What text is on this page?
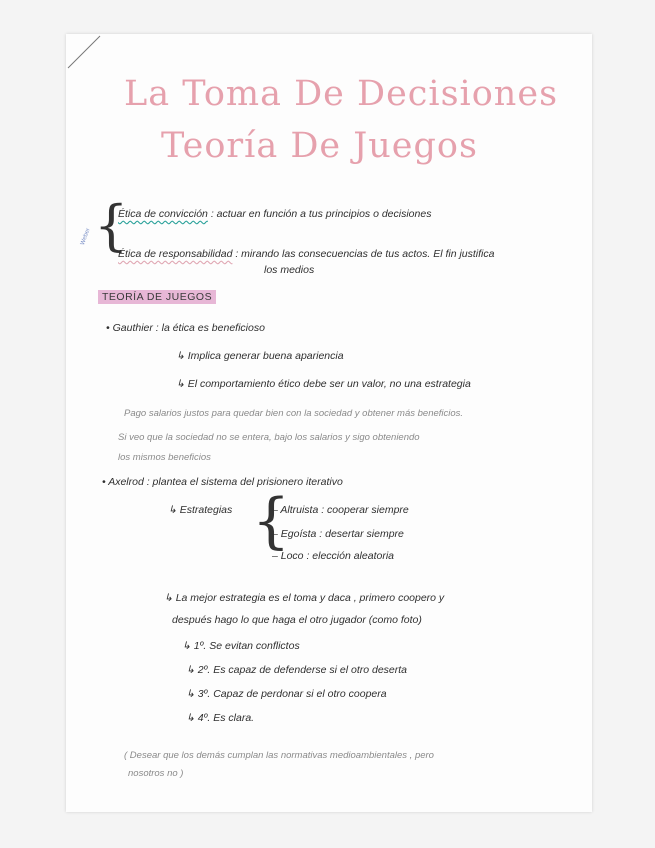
La Toma De Decisiones
Teoría De Juegos
Weber {
Ética de convicción : actuar en función a tus principios o decisiones
Ética de responsabilidad : mirando las consecuencias de tus actos. El fin justifica
los medios
TEORÍA DE JUEGOS
• Gauthier : la ética es beneficioso
↳ Implica generar buena apariencia
↳ El comportamiento ético debe ser un valor, no una estrategia
Pago salarios justos para quedar bien con la sociedad y obtener más beneficios.
Si veo que la sociedad no se entera, bajo los salarios y sigo obteniendo
los mismos beneficios
• Axelrod : plantea el sistema del prisionero iterativo
↳ Estrategias {
– Altruista : cooperar siempre
– Egoísta : desertar siempre
– Loco : elección aleatoria
↳ La mejor estrategia es el toma y daca , primero coopero y
después hago lo que haga el otro jugador (como foto)
↳ 1º. Se evitan conflictos
↳ 2º. Es capaz de defenderse si el otro deserta
↳ 3º. Capaz de perdonar si el otro coopera
↳ 4º. Es clara.
( Desear que los demás cumplan las normativas medioambientales , pero
nosotros no )
